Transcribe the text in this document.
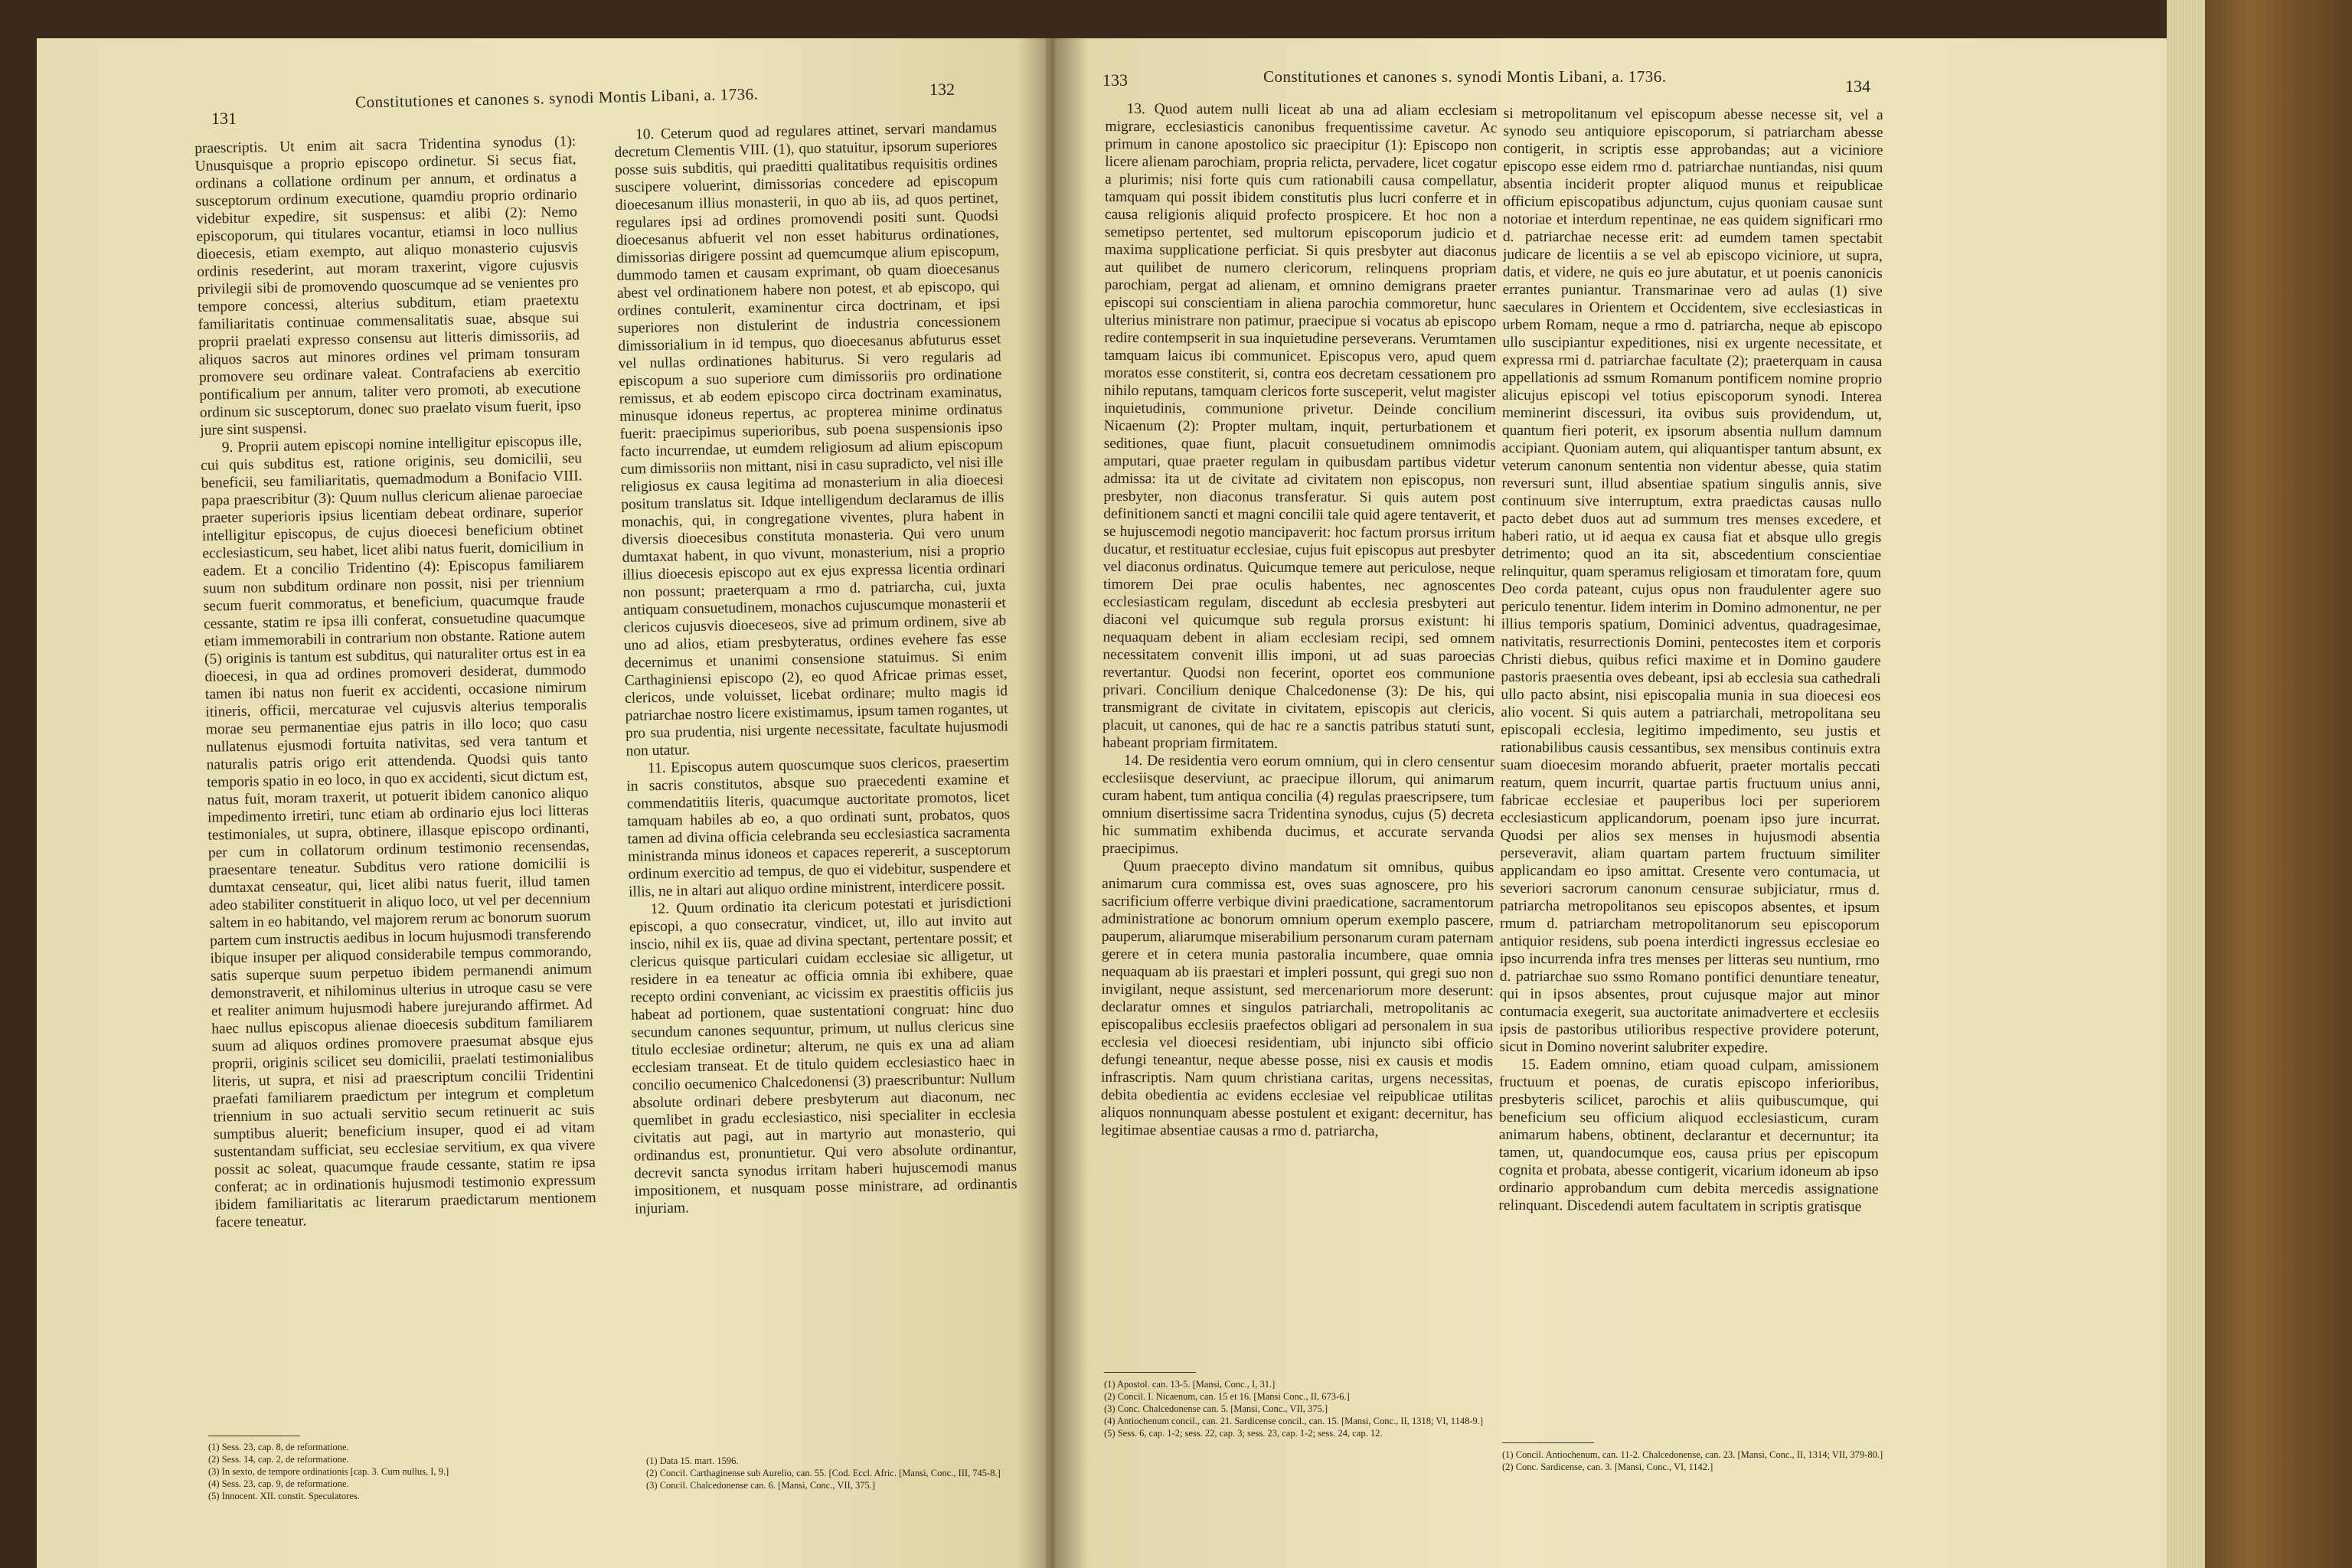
131
Constitutiones et canones s. synodi Montis Libani, a. 1736.	132

praescriptis. Ut enim ait sacra Tridentina synodus (1): Unusquisque a proprio episcopo ordinetur. Si secus fiat, ordinans a collatione ordinum per annum, et ordinatus a susceptorum ordinum executione, quamdiu proprio ordinario videbitur expedire, sit suspensus: et alibi (2): Nemo episcoporum, qui titulares vocantur, etiamsi in loco nullius dioecesis, etiam exempto, aut aliquo monasterio cujusvis ordinis resederint, aut moram traxerint, vigore cujusvis privilegii sibi de promovendo quoscumque ad se venientes pro tempore concessi, alterius subditum, etiam praetextu familiaritatis continuae commensalitatis suae, absque sui proprii praelati expresso consensu aut litteris dimissoriis, ad aliquos sacros aut minores ordines vel primam tonsuram promovere seu ordinare valeat. Contrafaciens ab exercitio pontificalium per annum, taliter vero promoti, ab executione ordinum sic susceptorum, donec suo praelato visum fuerit, ipso jure sint suspensi.

9. Proprii autem episcopi nomine intelligitur episcopus ille, cui quis subditus est, ratione originis, seu domicilii, seu beneficii, seu familiaritatis, quemadmodum a Bonifacio VIII. papa praescribitur (3): Quum nullus clericum alienae paroeciae praeter superioris ipsius licentiam debeat ordinare, superior intelligitur episcopus, de cujus dioecesi beneficium obtinet ecclesiasticum, seu habet, licet alibi natus fuerit, domicilium in eadem. Et a concilio Tridentino (4): Episcopus familiarem suum non subditum ordinare non possit, nisi per triennium secum fuerit commoratus, et beneficium, quacumque fraude cessante, statim re ipsa illi conferat, consuetudine quacumque etiam immemorabili in contrarium non obstante. Ratione autem (5) originis is tantum est subditus, qui naturaliter ortus est in ea dioecesi, in qua ad ordines promoveri desiderat, dummodo tamen ibi natus non fuerit ex accidenti, occasione nimirum itineris, officii, mercaturae vel cujusvis alterius temporalis morae seu permanentiae ejus patris in illo loco; quo casu nullatenus ejusmodi fortuita nativitas, sed vera tantum et naturalis patris origo erit attendenda. Quodsi quis tanto temporis spatio in eo loco, in quo ex accidenti, sicut dictum est, natus fuit, moram traxerit, ut potuerit ibidem canonico aliquo impedimento irretiri, tunc etiam ab ordinario ejus loci litteras testimoniales, ut supra, obtinere, illasque episcopo ordinanti, per cum in collatorum ordinum testimonio recensendas, praesentare teneatur. Subditus vero ratione domicilii is dumtaxat censeatur, qui, licet alibi natus fuerit, illud tamen adeo stabiliter constituerit in aliquo loco, ut vel per decennium saltem in eo habitando, vel majorem rerum ac bonorum suorum partem cum instructis aedibus in locum hujusmodi transferendo ibique insuper per aliquod considerabile tempus commorando, satis superque suum perpetuo ibidem permanendi animum demonstraverit, et nihilominus ulterius in utroque casu se vere et realiter animum hujusmodi habere jurejurando affirmet. Ad haec nullus episcopus alienae dioecesis subditum familiarem suum ad aliquos ordines promovere praesumat absque ejus proprii, originis scilicet seu domicilii, praelati testimonialibus literis, ut supra, et nisi ad praescriptum concilii Tridentini praefati familiarem praedictum per integrum et completum triennium in suo actuali servitio secum retinuerit ac suis sumptibus aluerit; beneficium insuper, quod ei ad vitam sustentandam sufficiat, seu ecclesiae servitium, ex qua vivere possit ac soleat, quacumque fraude cessante, statim re ipsa conferat; ac in ordinationis hujusmodi testimonio expressum ibidem familiaritatis ac literarum praedictarum mentionem facere teneatur.

10. Ceterum quod ad regulares attinet, servari mandamus decretum Clementis VIII. (1), quo statuitur, ipsorum superiores posse suis subditis, qui praeditti qualitatibus requisitis ordines suscipere voluerint, dimissorias concedere ad episcopum dioecesanum illius monasterii, in quo ab iis, ad quos pertinet, regulares ipsi ad ordines promovendi positi sunt. Quodsi dioecesanus abfuerit vel non esset habiturus ordinationes, dimissorias dirigere possint ad quemcumque alium episcopum, dummodo tamen et causam exprimant, ob quam dioecesanus abest vel ordinationem habere non potest, et ab episcopo, qui ordines contulerit, examinentur circa doctrinam, et ipsi superiores non distulerint de industria concessionem dimissorialium in id tempus, quo dioecesanus abfuturus esset vel nullas ordinationes habiturus. Si vero regularis ad episcopum a suo superiore cum dimissoriis pro ordinatione remissus, et ab eodem episcopo circa doctrinam examinatus, minusque idoneus repertus, ac propterea minime ordinatus fuerit: praecipimus superioribus, sub poena suspensionis ipso facto incurrendae, ut eumdem religiosum ad alium episcopum cum dimissoriis non mittant, nisi in casu supradicto, vel nisi ille religiosus ex causa legitima ad monasterium in alia dioecesi positum translatus sit. Idque intelligendum declaramus de illis monachis, qui, in congregatione viventes, plura habent in diversis dioecesibus constituta monasteria. Qui vero unum dumtaxat habent, in quo vivunt, monasterium, nisi a proprio illius dioecesis episcopo aut ex ejus expressa licentia ordinari non possunt; praeterquam a rmo d. patriarcha, cui, juxta antiquam consuetudinem, monachos cujuscumque monasterii et clericos cujusvis dioeceseos, sive ad primum ordinem, sive ab uno ad alios, etiam presbyteratus, ordines evehere fas esse decernimus et unanimi consensione statuimus. Si enim Carthaginiensi episcopo (2), eo quod Africae primas esset, clericos, unde voluisset, licebat ordinare; multo magis id patriarchae nostro licere existimamus, ipsum tamen rogantes, ut pro sua prudentia, nisi urgente necessitate, facultate hujusmodi non utatur.

11. Episcopus autem quoscumque suos clericos, praesertim in sacris constitutos, absque suo praecedenti examine et commendatitiis literis, quacumque auctoritate promotos, licet tamquam habiles ab eo, a quo ordinati sunt, probatos, quos tamen ad divina officia celebranda seu ecclesiastica sacramenta ministranda minus idoneos et capaces repererit, a susceptorum ordinum exercitio ad tempus, de quo ei videbitur, suspendere et illis, ne in altari aut aliquo ordine ministrent, interdicere possit.

12. Quum ordinatio ita clericum potestati et jurisdictioni episcopi, a quo consecratur, vindicet, ut, illo aut invito aut inscio, nihil ex iis, quae ad divina spectant, pertentare possit; et clericus quisque particulari cuidam ecclesiae sic alligetur, ut residere in ea teneatur ac officia omnia ibi exhibere, quae recepto ordini conveniant, ac vicissim ex praestitis officiis jus habeat ad portionem, quae sustentationi congruat: hinc duo secundum canones sequuntur, primum, ut nullus clericus sine titulo ecclesiae ordinetur; alterum, ne quis ex una ad aliam ecclesiam transeat. Et de titulo quidem ecclesiastico haec in concilio oecumenico Chalcedonensi (3) praescribuntur: Nullum absolute ordinari debere presbyterum aut diaconum, nec quemlibet in gradu ecclesiastico, nisi specialiter in ecclesia civitatis aut pagi, aut in martyrio aut monasterio, qui ordinandus est, pronuntietur. Qui vero absolute ordinantur, decrevit sancta synodus irritam haberi hujuscemodi manus impositionem, et nusquam posse ministrare, ad ordinantis injuriam.

(1) Sess. 23, cap. 8, de reformatione.
(2) Sess. 14, cap. 2, de reformatione.
(3) In sexto, de tempore ordinationis [cap. 3. Cum nullus, I, 9.]
(4) Sess. 23, cap. 9, de reformatione.
(5) Innocent. XII. constit. Speculatores.
(1) Data 15. mart. 1596.
(2) Concil. Carthaginense sub Aurelio, can. 55. [Cod. Eccl. Afric. [Mansi, Conc., III, 745-8.]
(3) Concil. Chalcedonense can. 6. [Mansi, Conc., VII, 375.]
133	Constitutiones et canones s. synodi Montis Libani, a. 1736.	134

13. Quod autem nulli liceat ab una ad aliam ecclesiam migrare, ecclesiasticis canonibus frequentissime cavetur. Ac primum in canone apostolico sic praecipitur (1): Episcopo non licere alienam parochiam, propria relicta, pervadere, licet cogatur a plurimis; nisi forte quis cum rationabili causa compellatur, tamquam qui possit ibidem constitutis plus lucri conferre et in causa religionis aliquid profecto prospicere. Et hoc non a semetipso pertentet, sed multorum episcoporum judicio et maxima supplicatione perficiat. Si quis presbyter aut diaconus aut quilibet de numero clericorum, relinquens propriam parochiam, pergat ad alienam, et omnino demigrans praeter episcopi sui conscientiam in aliena parochia commoretur, hunc ulterius ministrare non patimur, praecipue si vocatus ab episcopo redire contempserit in sua inquietudine perseverans. Verumtamen tamquam laicus ibi communicet. Episcopus vero, apud quem moratos esse constiterit, si, contra eos decretam cessationem pro nihilo reputans, tamquam clericos forte susceperit, velut magister inquietudinis, communione privetur. Deinde concilium Nicaenum (2): Propter multam, inquit, perturbationem et seditiones, quae fiunt, placuit consuetudinem omnimodis amputari, quae praeter regulam in quibusdam partibus videtur admissa: ita ut de civitate ad civitatem non episcopus, non presbyter, non diaconus transferatur. Si quis autem post definitionem sancti et magni concilii tale quid agere tentaverit, et se hujuscemodi negotio mancipaverit: hoc factum prorsus irritum ducatur, et restituatur ecclesiae, cujus fuit episcopus aut presbyter vel diaconus ordinatus. Quicumque temere aut periculose, neque timorem Dei prae oculis habentes, nec agnoscentes ecclesiasticam regulam, discedunt ab ecclesia presbyteri aut diaconi vel quicumque sub regula prorsus existunt: hi nequaquam debent in aliam ecclesiam recipi, sed omnem necessitatem convenit illis imponi, ut ad suas paroecias revertantur. Quodsi non fecerint, oportet eos communione privari. Concilium denique Chalcedonense (3): De his, qui transmigrant de civitate in civitatem, episcopis aut clericis, placuit, ut canones, qui de hac re a sanctis patribus statuti sunt, habeant propriam firmitatem.

14. De residentia vero eorum omnium, qui in clero censentur ecclesiisque deserviunt, ac praecipue illorum, qui animarum curam habent, tum antiqua concilia (4) regulas praescripsere, tum omnium disertissime sacra Tridentina synodus, cujus (5) decreta hic summatim exhibenda ducimus, et accurate servanda praecipimus.

Quum praecepto divino mandatum sit omnibus, quibus animarum cura commissa est, oves suas agnoscere, pro his sacrificium offerre verbique divini praedicatione, sacramentorum administratione ac bonorum omnium operum exemplo pascere, pauperum, aliarumque miserabilium personarum curam paternam gerere et in cetera munia pastoralia incumbere, quae omnia nequaquam ab iis praestari et impleri possunt, qui gregi suo non invigilant, neque assistunt, sed mercenariorum more deserunt: declaratur omnes et singulos patriarchali, metropolitanis ac episcopalibus ecclesiis praefectos obligari ad personalem in sua ecclesia vel dioecesi residentiam, ubi injuncto sibi officio defungi teneantur, neque abesse posse, nisi ex causis et modis infrascriptis. Nam quum christiana caritas, urgens necessitas, debita obedientia ac evidens ecclesiae vel reipublicae utilitas aliquos nonnunquam abesse postulent et exigant: decernitur, has legitimae absentiae causas a rmo d. patriarcha,

si metropolitanum vel episcopum abesse necesse sit, vel a synodo seu antiquiore episcoporum, si patriarcham abesse contigerit, in scriptis esse approbandas; aut a viciniore episcopo esse eidem rmo d. patriarchae nuntiandas, nisi quum absentia inciderit propter aliquod munus et reipublicae officium episcopatibus adjunctum, cujus quoniam causae sunt notoriae et interdum repentinae, ne eas quidem significari rmo d. patriarchae necesse erit: ad eumdem tamen spectabit judicare de licentiis a se vel ab episcopo viciniore, ut supra, datis, et videre, ne quis eo jure abutatur, et ut poenis canonicis errantes puniantur. Transmarinae vero ad aulas (1) sive saeculares in Orientem et Occidentem, sive ecclesiasticas in urbem Romam, neque a rmo d. patriarcha, neque ab episcopo ullo suscipiantur expeditiones, nisi ex urgente necessitate, et expressa rmi d. patriarchae facultate (2); praeterquam in causa appellationis ad ssmum Romanum pontificem nomine proprio alicujus episcopi vel totius episcoporum synodi. Interea meminerint discessuri, ita ovibus suis providendum, ut, quantum fieri poterit, ex ipsorum absentia nullum damnum accipiant. Quoniam autem, qui aliquantisper tantum absunt, ex veterum canonum sententia non videntur abesse, quia statim reversuri sunt, illud absentiae spatium singulis annis, sive continuum sive interruptum, extra praedictas causas nullo pacto debet duos aut ad summum tres menses excedere, et haberi ratio, ut id aequa ex causa fiat et absque ullo gregis detrimento; quod an ita sit, abscedentium conscientiae relinquitur, quam speramus religiosam et timoratam fore, quum Deo corda pateant, cujus opus non fraudulenter agere suo periculo tenentur. Iidem interim in Domino admonentur, ne per illius temporis spatium, Dominici adventus, quadragesimae, nativitatis, resurrectionis Domini, pentecostes item et corporis Christi diebus, quibus refici maxime et in Domino gaudere pastoris praesentia oves debeant, ipsi ab ecclesia sua cathedrali ullo pacto absint, nisi episcopalia munia in sua dioecesi eos alio vocent. Si quis autem a patriarchali, metropolitana seu episcopali ecclesia, legitimo impedimento, seu justis et rationabilibus causis cessantibus, sex mensibus continuis extra suam dioecesim morando abfuerit, praeter mortalis peccati reatum, quem incurrit, quartae partis fructuum unius anni, fabricae ecclesiae et pauperibus loci per superiorem ecclesiasticum applicandorum, poenam ipso jure incurrat. Quodsi per alios sex menses in hujusmodi absentia perseveravit, aliam quartam partem fructuum similiter applicandam eo ipso amittat. Cresente vero contumacia, ut severiori sacrorum canonum censurae subjiciatur, rmus d. patriarcha metropolitanos seu episcopos absentes, et ipsum rmum d. patriarcham metropolitanorum seu episcoporum antiquior residens, sub poena interdicti ingressus ecclesiae eo ipso incurrenda infra tres menses per litteras seu nuntium, rmo d. patriarchae suo ssmo Romano pontifici denuntiare teneatur, qui in ipsos absentes, prout cujusque major aut minor contumacia exegerit, sua auctoritate animadvertere et ecclesiis ipsis de pastoribus utilioribus respective providere poterunt, sicut in Domino noverint salubriter expedire.

15. Eadem omnino, etiam quoad culpam, amissionem fructuum et poenas, de curatis episcopo inferioribus, presbyteris scilicet, parochis et aliis quibuscumque, qui beneficium seu officium aliquod ecclesiasticum, curam animarum habens, obtinent, declarantur et decernuntur; ita tamen, ut, quandocumque eos, causa prius per episcopum cognita et probata, abesse contigerit, vicarium idoneum ab ipso ordinario approbandum cum debita mercedis assignatione relinquant. Discedendi autem facultatem in scriptis gratisque

(1) Apostol. can. 13-5. [Mansi, Conc., I, 31.]
(2) Concil. I. Nicaenum, can. 15 et 16. [Mansi Conc., II, 673-6.]
(3) Conc. Chalcedonense can. 5. [Mansi, Conc., VII, 375.]
(4) Antiochenum concil., can. 21. Sardicense concil., can. 15. [Mansi, Conc., II, 1318; VI, 1148-9.]
(5) Sess. 6, cap. 1-2; sess. 22, cap. 3; sess. 23, cap. 1-2; sess. 24, cap. 12.
(1) Concil. Antiochenum, can. 11-2. Chalcedonense, can. 23. [Mansi, Conc., II, 1314; VII, 379-80.]
(2) Conc. Sardicense, can. 3. [Mansi, Conc., VI, 1142.]
